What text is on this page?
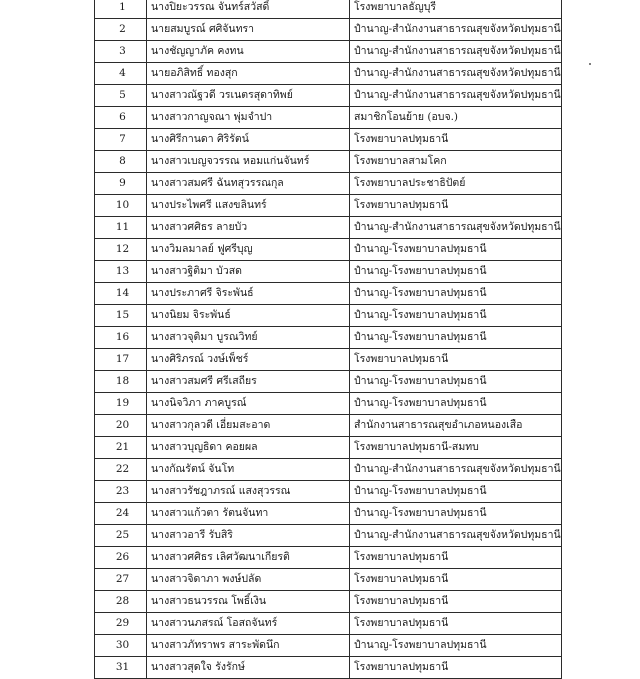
1	นางปิยะวรรณ จันทร์สวัสดิ์	โรงพยาบาลธัญบุรี
2	นายสมบูรณ์ ศศิจันทรา	ปำนาญ-สำนักงานสาธารณสุขจังหวัดปทุมธานี
3	นางชัญญาภัค คงทน	ปำนาญ-สำนักงานสาธารณสุขจังหวัดปทุมธานี
4	นายอภิสิทธิ์ ทองสุก	ปำนาญ-สำนักงานสาธารณสุขจังหวัดปทุมธานี
5	นางสาวณัฐวดี วรเนตรสุดาทิพย์	ปำนาญ-สำนักงานสาธารณสุขจังหวัดปทุมธานี
6	นางสาวกาญจณา พุ่มจำปา	สมาชิกโอนย้าย (อบจ.)
7	นางศิรีกานดา ศิริรัตน์	โรงพยาบาลปทุมธานี
8	นางสาวเบญจวรรณ หอมแก่นจันทร์	โรงพยาบาลสามโคก
9	นางสาวสมศรี ฉันทสุวรรณกุล	โรงพยาบาลประชาธิปัตย์
10	นางประไพศรี แสงขลินทร์	โรงพยาบาลปทุมธานี
11	นางสาวศศิธร ลายบัว	ปำนาญ-สำนักงานสาธารณสุขจังหวัดปทุมธานี
12	นางวิมลมาลย์ ฟูศรีบุญ	ปำนาญ-โรงพยาบาลปทุมธานี
13	นางสาวฐิติมา บัวสด	ปำนาญ-โรงพยาบาลปทุมธานี
14	นางประภาศรี จิระพันธ์	ปำนาญ-โรงพยาบาลปทุมธานี
15	นางนิยม จิระพันธ์	ปำนาญ-โรงพยาบาลปทุมธานี
16	นางสาวจุติมา บูรณวิทย์	ปำนาญ-โรงพยาบาลปทุมธานี
17	นางศิริภรณ์ วงษ์เพ็ชร์	โรงพยาบาลปทุมธานี
18	นางสาวสมศรี ศรีเสถียร	ปำนาญ-โรงพยาบาลปทุมธานี
19	นางนิจวิภา ภาคบูรณ์	ปำนาญ-โรงพยาบาลปทุมธานี
20	นางสาวกุลวดี เอี่ยมสะอาด	สำนักงานสาธารณสุขอำเภอหนองเสือ
21	นางสาวบุญธิดา คอยผล	โรงพยาบาลปทุมธานี-สมทบ
22	นางกัณรัตน์ จันโท	ปำนาญ-สำนักงานสาธารณสุขจังหวัดปทุมธานี
23	นางสาวรัชฎาภรณ์ แสงสุวรรณ	ปำนาญ-โรงพยาบาลปทุมธานี
24	นางสาวแก้วตา รัตนจันทา	ปำนาญ-โรงพยาบาลปทุมธานี
25	นางสาวอารี รับสิริ	ปำนาญ-สำนักงานสาธารณสุขจังหวัดปทุมธานี
26	นางสาวศศิธร เลิศวัฒนาเกียรติ	โรงพยาบาลปทุมธานี
27	นางสาวจิดาภา พงษ์ปลัด	โรงพยาบาลปทุมธานี
28	นางสาวธนวรรณ โพธิ์เงิน	โรงพยาบาลปทุมธานี
29	นางสาวนภสรณ์ โอสถจันทร์	โรงพยาบาลปทุมธานี
30	นางสาวภัทราพร สาระพัดนึก	ปำนาญ-โรงพยาบาลปทุมธานี
31	นางสาวสุดใจ รังรักษ์	โรงพยาบาลปทุมธานี
